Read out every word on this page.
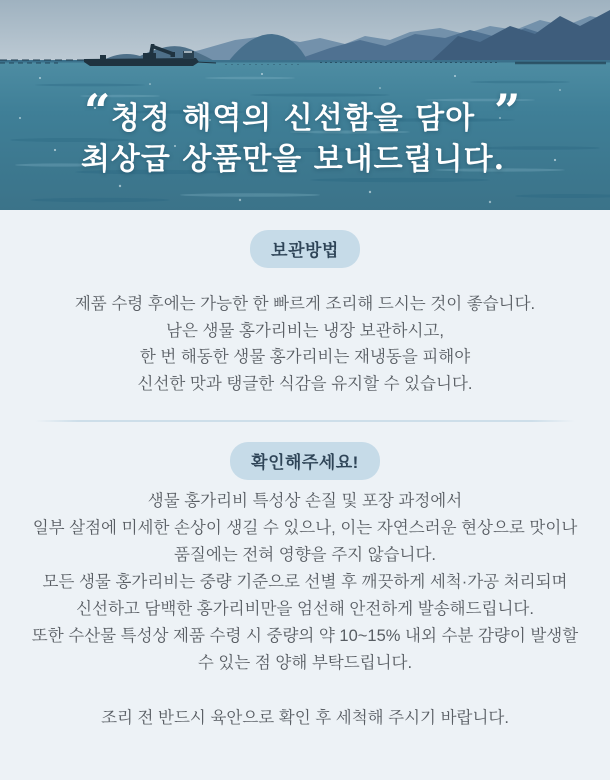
“ 청정 해역의 신선함을 담아 ”
최상급 상품만을 보내드립니다.
보관방법
제품 수령 후에는 가능한 한 빠르게 조리해 드시는 것이 좋습니다.
남은 생물 홍가리비는 냉장 보관하시고,
한 번 해동한 생물 홍가리비는 재냉동을 피해야
신선한 맛과 탱글한 식감을 유지할 수 있습니다.
확인해주세요!
생물 홍가리비 특성상 손질 및 포장 과정에서
일부 살점에 미세한 손상이 생길 수 있으나, 이는 자연스러운 현상으로 맛이나
품질에는 전혀 영향을 주지 않습니다.
모든 생물 홍가리비는 중량 기준으로 선별 후 깨끗하게 세척·가공 처리되며
신선하고 담백한 홍가리비만을 엄선해 안전하게 발송해드립니다.
또한 수산물 특성상 제품 수령 시 중량의 약 10~15% 내외 수분 감량이 발생할
수 있는 점 양해 부탁드립니다.
조리 전 반드시 육안으로 확인 후 세척해 주시기 바랍니다.
